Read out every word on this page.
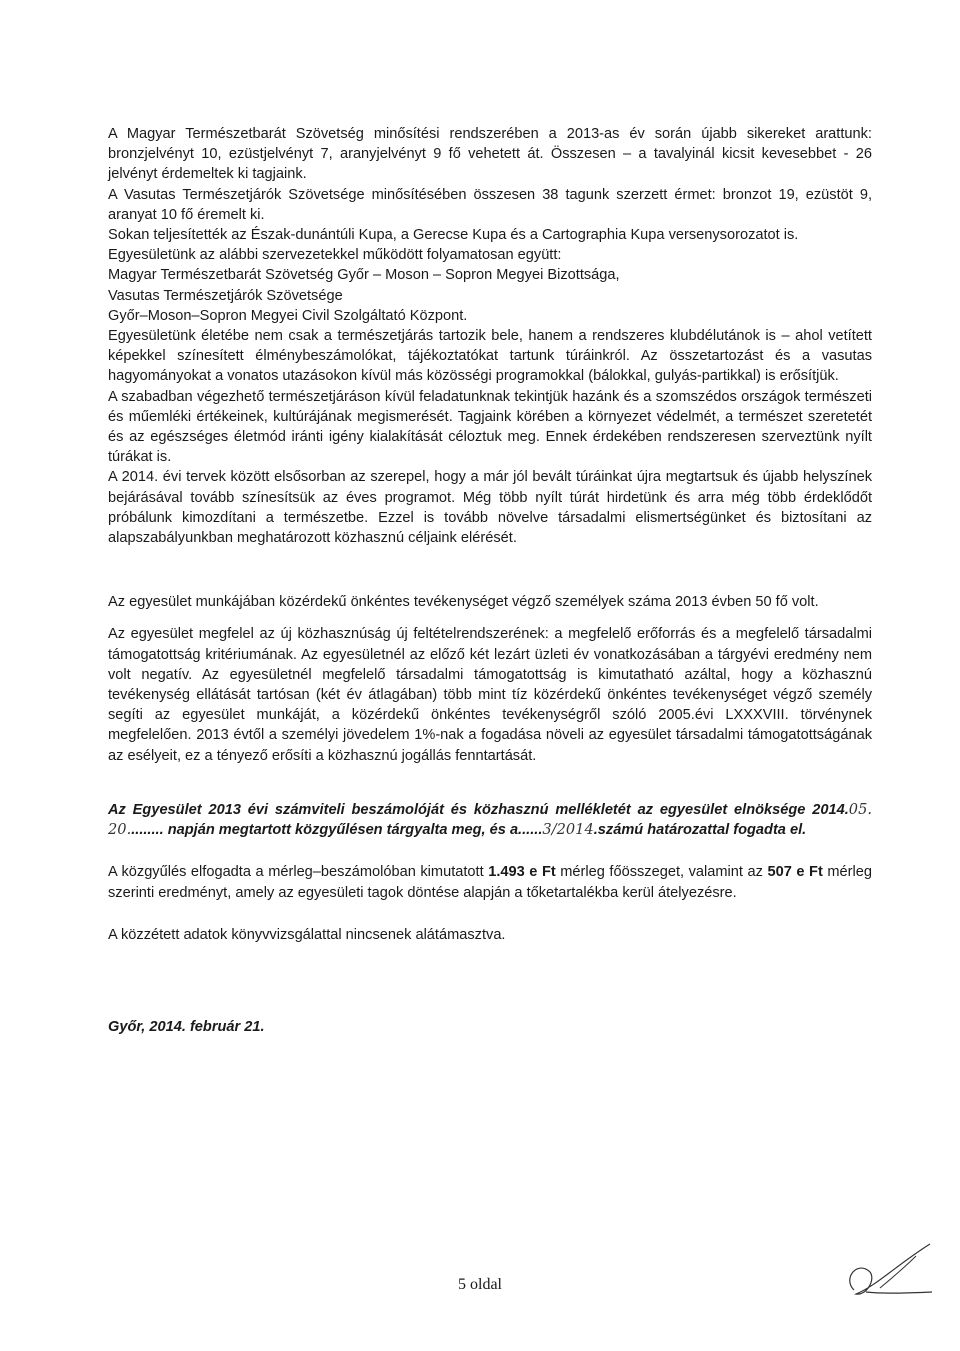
A Magyar Természetbarát Szövetség minősítési rendszerében a 2013-as év során újabb sikereket arattunk: bronzjelvényt 10, ezüstjelvényt 7, aranyjelvényt 9 fő vehetett át. Összesen – a tavalyinál kicsit kevesebbet - 26 jelvényt érdemeltek ki tagjaink.

A Vasutas Természetjárók Szövetsége minősítésében összesen 38 tagunk szerzett érmet: bronzot 19, ezüstöt 9, aranyat 10 fő éremelt ki.

Sokan teljesítették az Észak-dunántúli Kupa, a Gerecse Kupa és a Cartographia Kupa versenysorozatot is.

Egyesületünk az alábbi szervezetekkel működött folyamatosan együtt:

Magyar Természetbarát Szövetség Győr – Moson – Sopron Megyei Bizottsága,

Vasutas Természetjárók Szövetsége

Győr–Moson–Sopron Megyei Civil Szolgáltató Központ.

Egyesületünk életébe nem csak a természetjárás tartozik bele, hanem a rendszeres klubdélutánok is – ahol vetített képekkel színesített élménybeszámolókat, tájékoztatókat tartunk túráinkról. Az összetartozást és a vasutas hagyományokat a vonatos utazásokon kívül más közösségi programokkal (bálokkal, gulyás-partikkal) is erősítjük.

A szabadban végezhető természetjáráson kívül feladatunknak tekintjük hazánk és a szomszédos országok természeti és műemléki értékeinek, kultúrájának megismerését. Tagjaink körében a környezet védelmét, a természet szeretetét és az egészséges életmód iránti igény kialakítását céloztuk meg. Ennek érdekében rendszeresen szerveztünk nyílt túrákat is.

A 2014. évi tervek között elsősorban az szerepel, hogy a már jól bevált túráinkat újra megtartsuk és újabb helyszínek bejárásával tovább színesítsük az éves programot. Még több nyílt túrát hirdetünk és arra még több érdeklődőt próbálunk kimozdítani a természetbe. Ezzel is tovább növelve társadalmi elismertségünket és biztosítani az alapszabályunkban meghatározott közhasznú céljaink elérését.

Az egyesület munkájában közérdekű önkéntes tevékenységet végző személyek száma 2013 évben 50 fő volt.

Az egyesület megfelel az új közhasznúság új feltételrendszerének: a megfelelő erőforrás és a megfelelő társadalmi támogatottság kritériumának. Az egyesületnél az előző két lezárt üzleti év vonatkozásában a tárgyévi eredmény nem volt negatív. Az egyesületnél megfelelő társadalmi támogatottság is kimutatható azáltal, hogy a közhasznú tevékenység ellátását tartósan (két év átlagában) több mint tíz közérdekű önkéntes tevékenységet végző személy segíti az egyesület munkáját, a közérdekű önkéntes tevékenységről szóló 2005.évi LXXXVIII. törvénynek megfelelően. 2013 évtől a személyi jövedelem 1%-nak a fogadása növeli az egyesület társadalmi támogatottságának az esélyeit, ez a tényező erősíti a közhasznú jogállás fenntartását.

Az Egyesület 2013 évi számviteli beszámolóját és közhasznú mellékletét az egyesület elnöksége 2014.05. 20......... napján megtartott közgyűlésen tárgyalta meg, és a......3/2014.számú határozattal fogadta el.

A közgyűlés elfogadta a mérleg–beszámolóban kimutatott 1.493 e Ft mérleg főösszeget, valamint az 507 e Ft mérleg szerinti eredményt, amely az egyesületi tagok döntése alapján a tőketartalékba kerül átelyezésre.

A közzétett adatok könyvvizsgálattal nincsenek alátámasztva.

Győr, 2014. február 21.

5 oldal
